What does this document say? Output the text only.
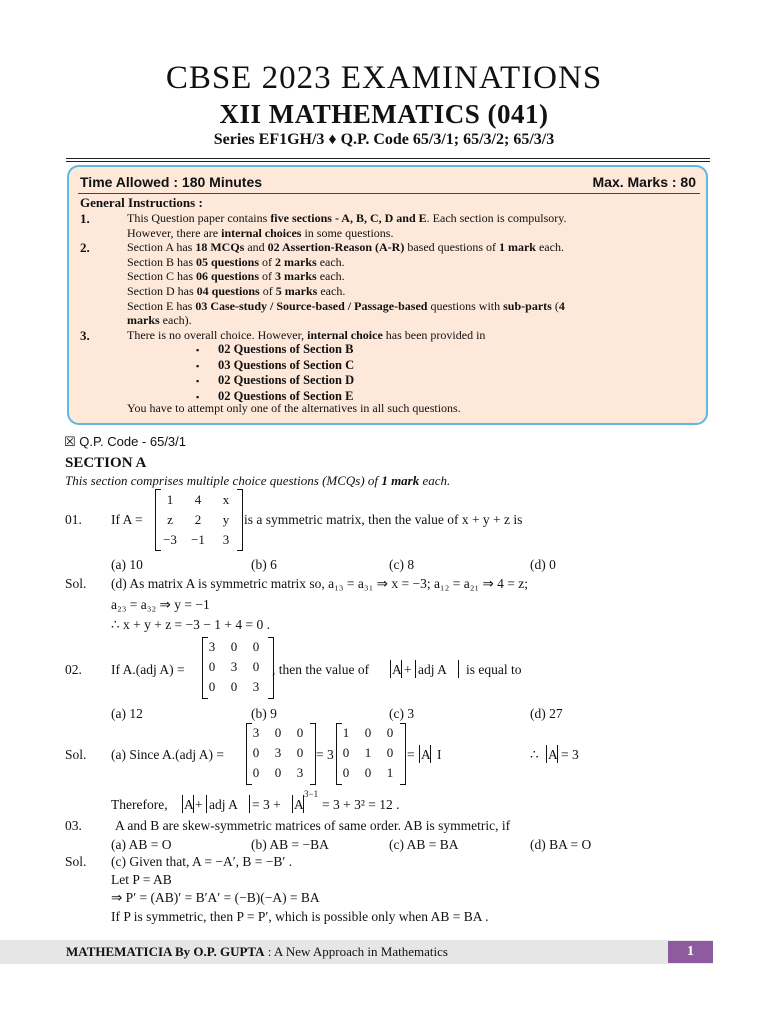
CBSE 2023 EXAMINATIONS
XII MATHEMATICS (041)
Series EF1GH/3 ♦ Q.P. Code 65/3/1; 65/3/2; 65/3/3
Time Allowed : 180 Minutes	Max. Marks : 80
General Instructions :
1.
2.
3.
This Question paper contains five sections - A, B, C, D and E. Each section is compulsory.
However, there are internal choices in some questions.
Section A has 18 MCQs and 02 Assertion-Reason (A-R) based questions of 1 mark each.
Section B has 05 questions of 2 marks each.
Section C has 06 questions of 3 marks each.
Section D has 04 questions of 5 marks each.
Section E has 03 Case-study / Source-based / Passage-based questions with sub-parts (4
marks each).
There is no overall choice. However, internal choice has been provided in
▪ 02 Questions of Section B
▪ 03 Questions of Section C
▪ 02 Questions of Section D
▪ 02 Questions of Section E
You have to attempt only one of the alternatives in all such questions.
☒ Q.P. Code - 65/3/1
SECTION A
This section comprises multiple choice questions (MCQs) of 1 mark each.
01. If A =
1	4	x
z	2	y
−3	−1	3
is a symmetric matrix, then the value of x + y + z is
(a) 10	(b) 6	(c) 8	(d) 0
Sol. (d) As matrix A is symmetric matrix so, a₁₃ = a₃₁ ⇒ x = −3; a₁₂ = a₂₁ ⇒ 4 = z;
a₂₃ = a₃₂ ⇒ y = −1
∴ x + y + z = −3 − 1 + 4 = 0 .
02. If A.(adj A) =
3	0	0
0	3	0
0	0	3
, then the value of A + adj A is equal to
(a) 12	(b) 9	(c) 3	(d) 27
Sol. (a) Since A.(adj A) =
3	0	0
0	3	0
0	0	3
= 3
1	0	0
0	1	0
0	0	1
= A I	∴ A = 3
Therefore, A + adj A = 3 + A
3−1
= 3 + 3² = 12 .
03. A and B are skew-symmetric matrices of same order. AB is symmetric, if
(a) AB = O	(b) AB = −BA	(c) AB = BA	(d) BA = O
Sol. (c) Given that, A = −A′, B = −B′ .
Let P = AB
⇒ P′ = (AB)′ = B′A′ = (−B)(−A) = BA
If P is symmetric, then P = P′, which is possible only when AB = BA .
MATHEMATICIA By O.P. GUPTA : A New Approach in Mathematics	1
